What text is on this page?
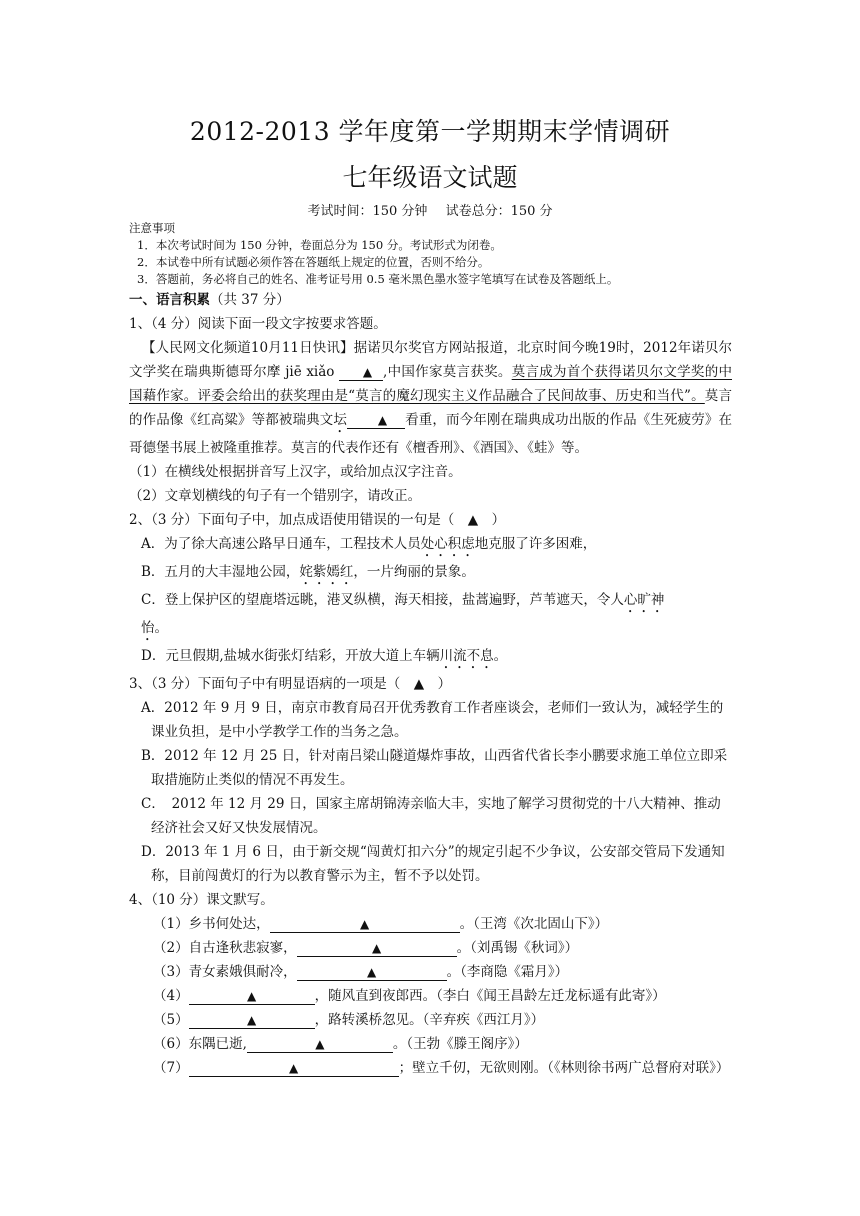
2012-2013 学年度第一学期期末学情调研
七年级语文试题
考试时间：150 分钟 试卷总分：150 分
注意事项
1．本次考试时间为 150 分钟，卷面总分为 150 分。考试形式为闭卷。
2．本试卷中所有试题必须作答在答题纸上规定的位置，否则不给分。
3．答题前，务必将自己的姓名、准考证号用 0.5 毫米黑色墨水签字笔填写在试卷及答题纸上。
一、语言积累（共 37 分）
1、（4 分）阅读下面一段文字按要求答题。
【人民网文化频道10月11日快讯】据诺贝尔奖官方网站报道，北京时间今晚19时，2012年诺贝尔文学奖在瑞典斯德哥尔摩 jiē xiǎo ▲ ,中国作家莫言获奖。莫言成为首个获得诺贝尔文学奖的中国藉作家。评委会给出的获奖理由是“莫言的魔幻现实主义作品融合了民间故事、历史和当代”。莫言的作品像《红高粱》等都被瑞典文坛	▲ 看重，而今年刚在瑞典成功出版的作品《生死疲劳》在哥德堡书展上被隆重推荐。莫言的代表作还有《檀香刑》、《酒国》、《蛙》等。
（1）在横线处根据拼音写上汉字，或给加点汉字注音。
（2）文章划横线的句子有一个错别字，请改正。
2、（3 分）下面句子中，加点成语使用错误的一句是（　▲　）
A．为了徐大高速公路早日通车，工程技术人员处心积虑地克服了许多困难，
B．五月的大丰湿地公园，姹紫嫣红，一片绚丽的景象。
C．登上保护区的望鹿塔远眺，港叉纵横，海天相接，盐蒿遍野，芦苇遮天，令人心旷神
怡。
D．元旦假期,盐城水街张灯结彩，开放大道上车辆川流不息。
3、（3 分）下面句子中有明显语病的一项是（　▲　）
A．2012 年 9 月 9 日，南京市教育局召开优秀教育工作者座谈会，老师们一致认为，减轻学生的课业负担，是中小学教学工作的当务之急。
B．2012 年 12 月 25 日，针对南吕梁山隧道爆炸事故，山西省代省长李小鹏要求施工单位立即采取措施防止类似的情况不再发生。
C．　2012 年 12 月 29 日，国家主席胡锦涛亲临大丰，实地了解学习贯彻党的十八大精神、推动经济社会又好又快发展情况。
D．2013 年 1 月 6 日，由于新交规“闯黄灯扣六分”的规定引起不少争议，公安部交管局下发通知称，目前闯黄灯的行为以教育警示为主，暂不予以处罚。
4、（10 分）课文默写。
（1）乡书何处达，	▲	。（王湾《次北固山下》）
（2）自古逢秋悲寂寥，	▲	。（刘禹锡《秋词》）
（3）青女素娥俱耐冷，	▲	。（李商隐《霜月》）
（4）	▲	，随风直到夜郎西。（李白《闻王昌龄左迁龙标遥有此寄》）
（5）	▲	，路转溪桥忽见。（辛弃疾《西江月》）
（6）东隅已逝,	▲	。（王勃《滕王阁序》）
（7）	▲	；壁立千仞，无欲则刚。（《林则徐书两广总督府对联》）
